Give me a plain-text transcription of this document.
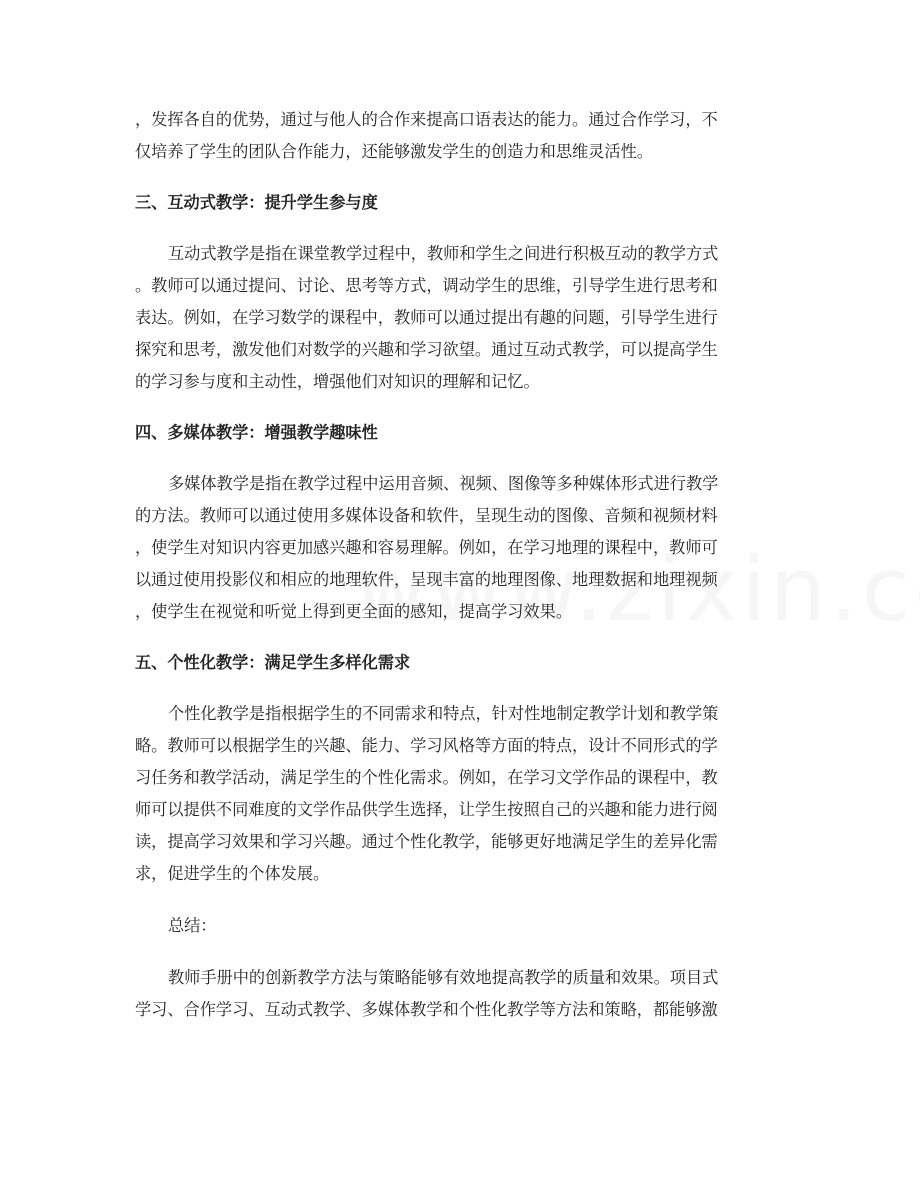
，发挥各自的优势，通过与他人的合作来提高口语表达的能力。通过合作学习，不
仅培养了学生的团队合作能力，还能够激发学生的创造力和思维灵活性。
三、互动式教学：提升学生参与度
互动式教学是指在课堂教学过程中，教师和学生之间进行积极互动的教学方式
。教师可以通过提问、讨论、思考等方式，调动学生的思维，引导学生进行思考和
表达。例如，在学习数学的课程中，教师可以通过提出有趣的问题，引导学生进行
探究和思考，激发他们对数学的兴趣和学习欲望。通过互动式教学，可以提高学生
的学习参与度和主动性，增强他们对知识的理解和记忆。
四、多媒体教学：增强教学趣味性
多媒体教学是指在教学过程中运用音频、视频、图像等多种媒体形式进行教学
的方法。教师可以通过使用多媒体设备和软件，呈现生动的图像、音频和视频材料
，使学生对知识内容更加感兴趣和容易理解。例如，在学习地理的课程中，教师可
以通过使用投影仪和相应的地理软件，呈现丰富的地理图像、地理数据和地理视频
，使学生在视觉和听觉上得到更全面的感知，提高学习效果。
五、个性化教学：满足学生多样化需求
个性化教学是指根据学生的不同需求和特点，针对性地制定教学计划和教学策
略。教师可以根据学生的兴趣、能力、学习风格等方面的特点，设计不同形式的学
习任务和教学活动，满足学生的个性化需求。例如，在学习文学作品的课程中，教
师可以提供不同难度的文学作品供学生选择，让学生按照自己的兴趣和能力进行阅
读，提高学习效果和学习兴趣。通过个性化教学，能够更好地满足学生的差异化需
求，促进学生的个体发展。
总结：
教师手册中的创新教学方法与策略能够有效地提高教学的质量和效果。项目式
学习、合作学习、互动式教学、多媒体教学和个性化教学等方法和策略，都能够激
